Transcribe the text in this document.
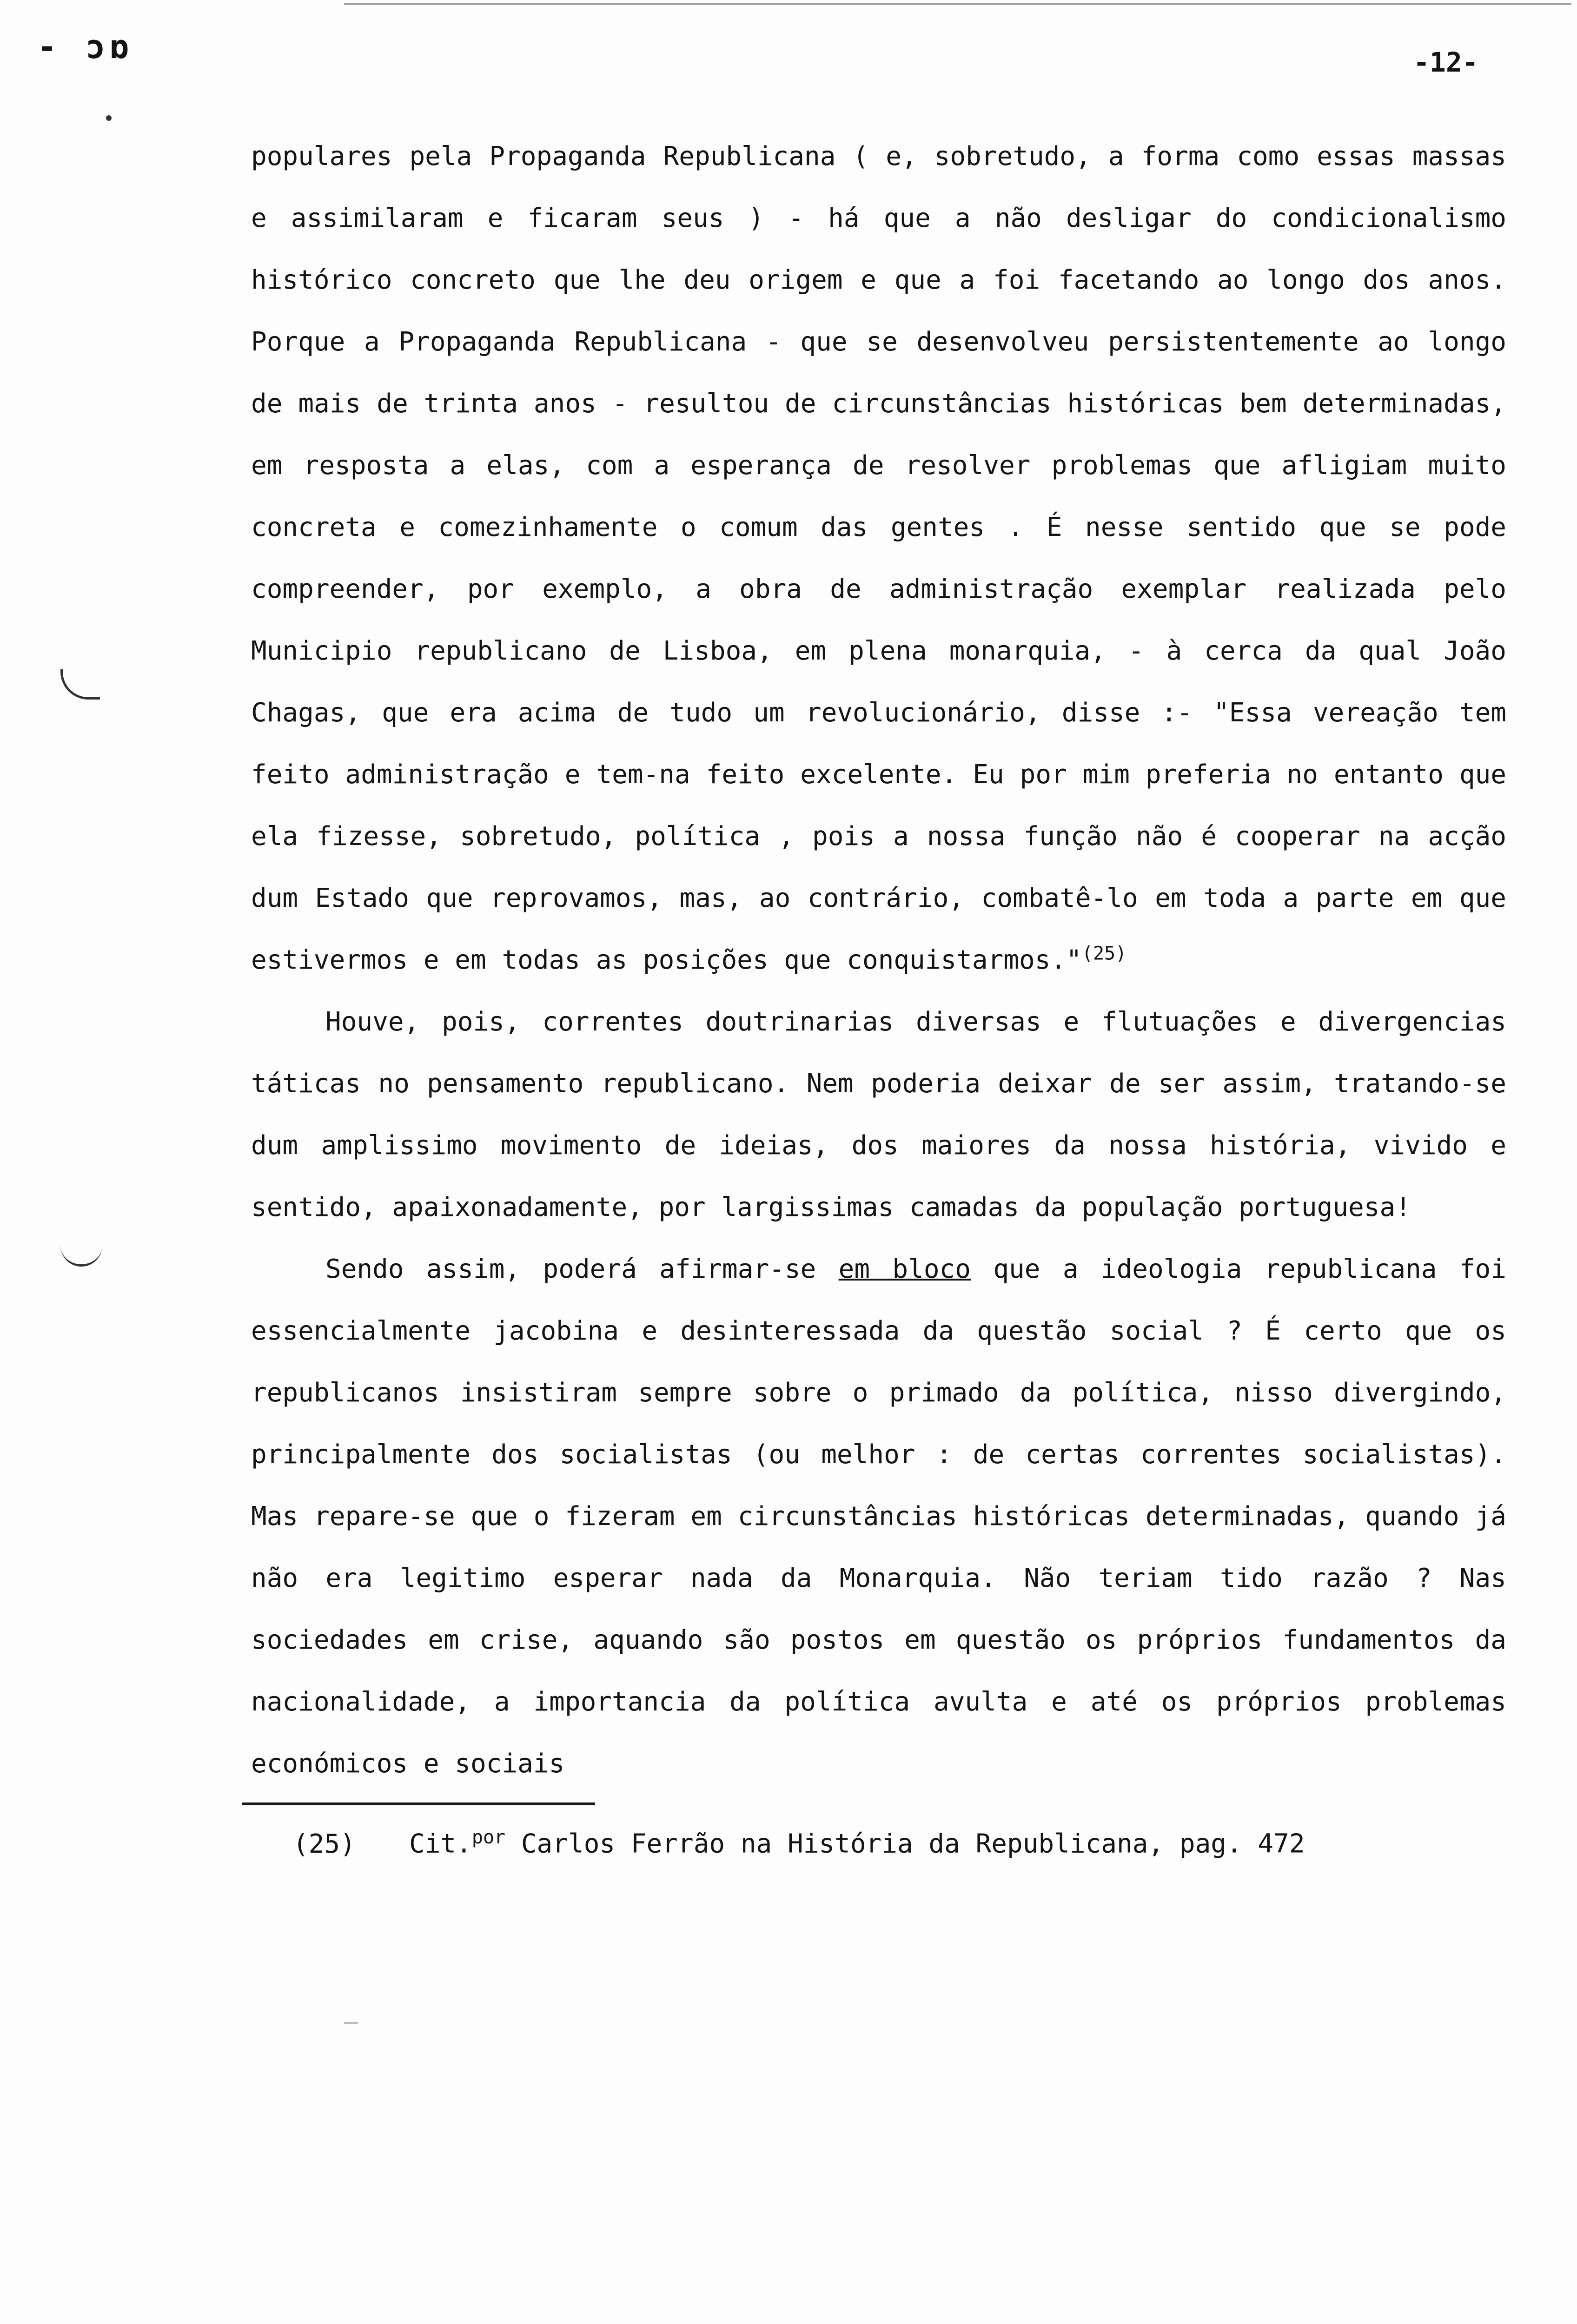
- ɔɒ	-12-

populares pela Propaganda Republicana ( e, sobretudo, a forma como essas massas e assimilaram e ficaram seus ) - há que a não desligar do condicionalismo histórico concreto que lhe deu origem e que a foi facetando ao longo dos anos. Porque a Propaganda Republicana - que se desenvolveu persistentemente ao longo de mais de trinta anos - resultou de circunstâncias históricas bem determinadas, em resposta a elas, com a esperança de resolver problemas que afligiam muito concreta e comezinhamente o comum das gentes . É nesse sentido que se pode compreender, por exemplo, a obra de administração exemplar realizada pelo Municipio republicano de Lisboa, em plena monarquia, - à cerca da qual João Chagas, que era acima de tudo um revolucionário, disse :- "Essa vereação tem feito administração e tem-na feito excelente. Eu por mim preferia no entanto que ela fizesse, sobretudo, política , pois a nossa função não é cooperar na acção dum Estado que reprovamos, mas, ao contrário, combatê-lo em toda a parte em que estivermos e em todas as posições que conquistarmos."$^{(25)}$

Houve, pois, correntes doutrinarias diversas e flutuações e divergencias táticas no pensamento republicano. Nem poderia deixar de ser assim, tratando-se dum amplissimo movimento de ideias, dos maiores da nossa história, vivido e sentido, apaixonadamente, por largissimas camadas da população portuguesa!

Sendo assim, poderá afirmar-se em bloco que a ideologia republicana foi essencialmente jacobina e desinteressada da questão social ? É certo que os republicanos insistiram sempre sobre o primado da política, nisso divergindo, principalmente dos socialistas (ou melhor : de certas correntes socialistas). Mas repare-se que o fizeram em circunstâncias históricas determinadas, quando já não era legitimo esperar nada da Monarquia. Não teriam tido razão ? Nas sociedades em crise, aquando são postos em questão os próprios fundamentos da nacionalidade, a importancia da política avulta e até os próprios problemas económicos e sociais

(25) Cit.$^{por}$ Carlos Ferrão na História da Republicana, pag. 472
